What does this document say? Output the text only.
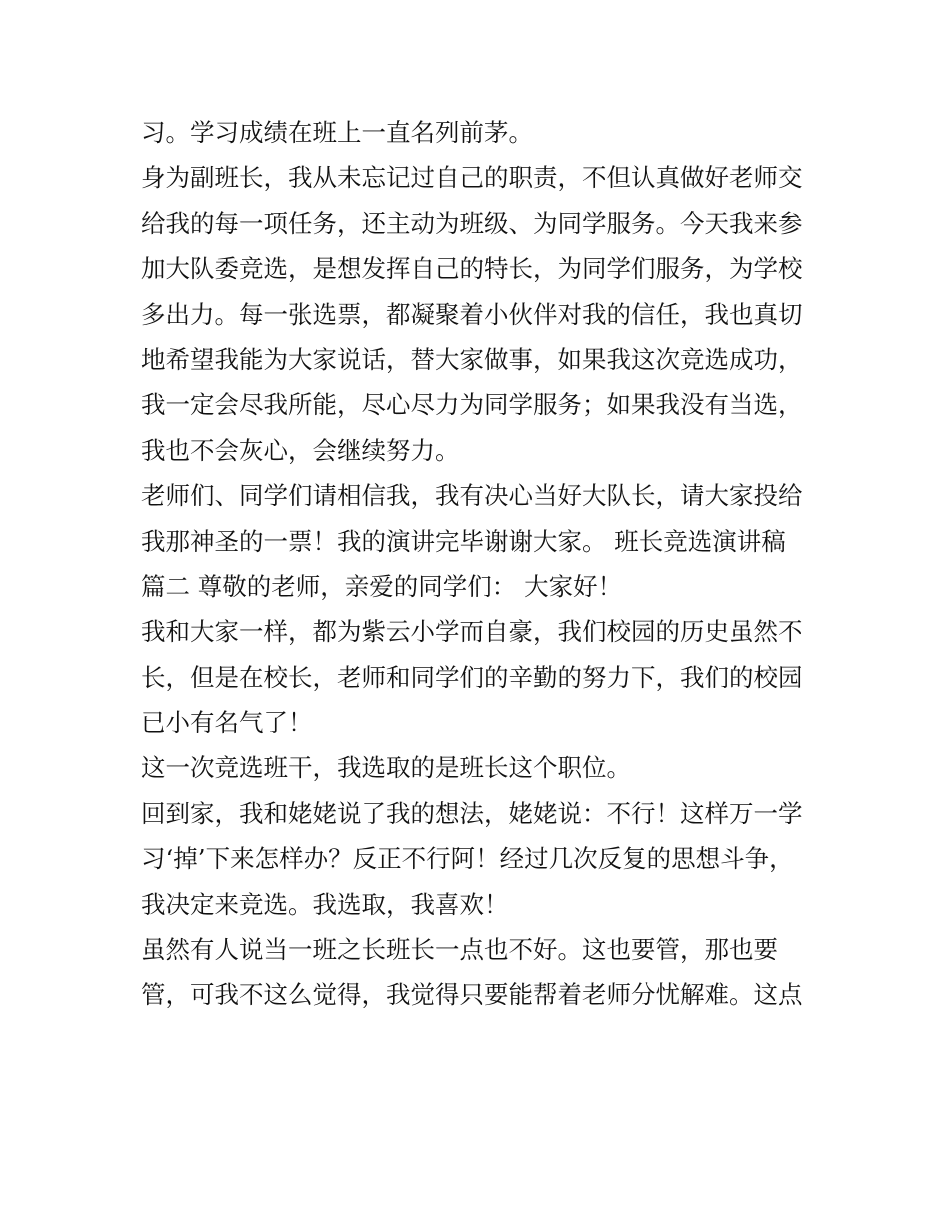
习。学习成绩在班上一直名列前茅。
身为副班长，我从未忘记过自己的职责，不但认真做好老师交
给我的每一项任务，还主动为班级、为同学服务。今天我来参
加大队委竞选，是想发挥自己的特长，为同学们服务，为学校
多出力。每一张选票，都凝聚着小伙伴对我的信任，我也真切
地希望我能为大家说话，替大家做事，如果我这次竞选成功，
我一定会尽我所能，尽心尽力为同学服务；如果我没有当选，
我也不会灰心，会继续努力。
老师们、同学们请相信我，我有决心当好大队长，请大家投给
我那神圣的一票！我的演讲完毕谢谢大家。 班长竞选演讲稿
篇二 尊敬的老师，亲爱的同学们： 大家好！
我和大家一样，都为紫云小学而自豪，我们校园的历史虽然不
长，但是在校长，老师和同学们的辛勤的努力下，我们的校园
已小有名气了！
这一次竞选班干，我选取的是班长这个职位。
回到家，我和姥姥说了我的想法，姥姥说：不行！这样万一学
习‘掉’下来怎样办？反正不行阿！经过几次反复的思想斗争，
我决定来竞选。我选取，我喜欢！
虽然有人说当一班之长班长一点也不好。这也要管，那也要
管，可我不这么觉得，我觉得只要能帮着老师分忧解难。这点
